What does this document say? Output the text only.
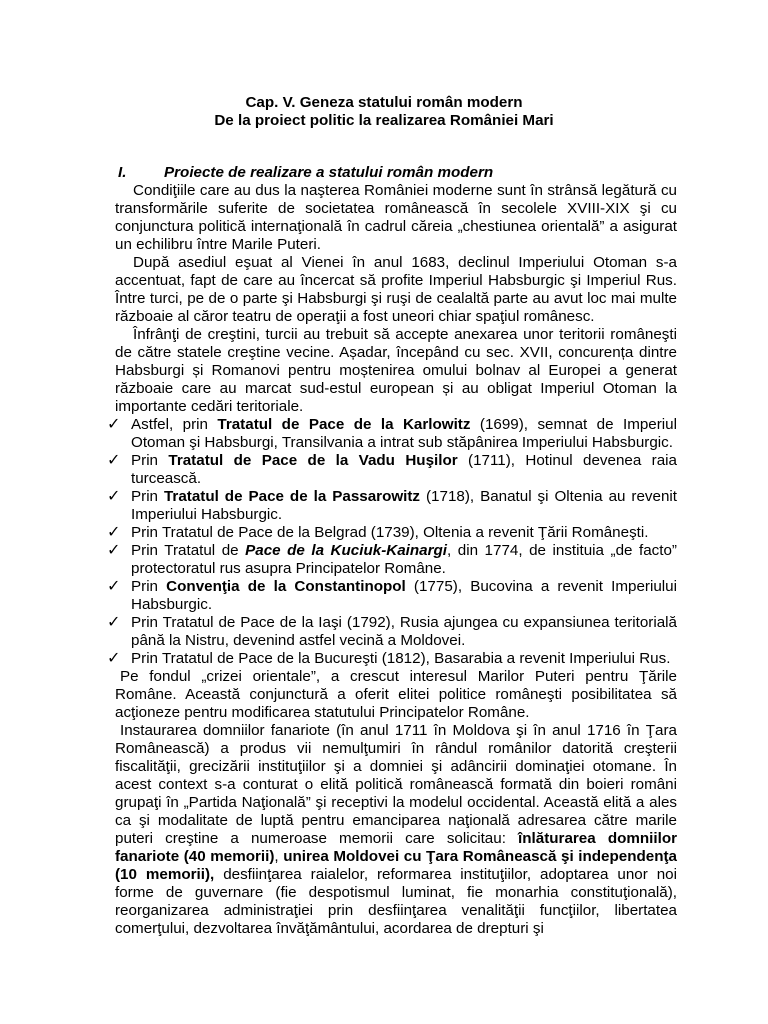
Cap. V. Geneza statului român modern
De la proiect politic la realizarea României Mari
I. Proiecte de realizare a statului român modern

Condiţiile care au dus la naşterea României moderne sunt în strânsă legătură cu transformările suferite de societatea românească în secolele XVIII-XIX şi cu conjunctura politică internaţională în cadrul căreia „chestiunea orientală” a asigurat un echilibru între Marile Puteri.

După asediul eşuat al Vienei în anul 1683, declinul Imperiului Otoman s-a accentuat, fapt de care au încercat să profite Imperiul Habsburgic şi Imperiul Rus. Între turci, pe de o parte şi Habsburgi şi ruşi de cealaltă parte au avut loc mai multe războaie al căror teatru de operaţii a fost uneori chiar spaţiul românesc.

Înfrânţi de creştini, turcii au trebuit să accepte anexarea unor teritorii româneşti de către statele creştine vecine. Așadar, începând cu sec. XVII, concurența dintre Habsburgi și Romanovi pentru moștenirea omului bolnav al Europei a generat războaie care au marcat sud-estul european și au obligat Imperiul Otoman la importante cedări teritoriale.

✓ Astfel, prin Tratatul de Pace de la Karlowitz (1699), semnat de Imperiul Otoman şi Habsburgi, Transilvania a intrat sub stăpânirea Imperiului Habsburgic.
✓ Prin Tratatul de Pace de la Vadu Huşilor (1711), Hotinul devenea raia turcească.
✓ Prin Tratatul de Pace de la Passarowitz (1718), Banatul şi Oltenia au revenit Imperiului Habsburgic.
✓ Prin Tratatul de Pace de la Belgrad (1739), Oltenia a revenit Ţării Româneşti.
✓ Prin Tratatul de Pace de la Kuciuk-Kainargi, din 1774, de instituia „de facto” protectoratul rus asupra Principatelor Române.
✓ Prin Convenţia de la Constantinopol (1775), Bucovina a revenit Imperiului Habsburgic.
✓ Prin Tratatul de Pace de la Iaşi (1792), Rusia ajungea cu expansiunea teritorială până la Nistru, devenind astfel vecină a Moldovei.
✓ Prin Tratatul de Pace de la Bucureşti (1812), Basarabia a revenit Imperiului Rus.

Pe fondul „crizei orientale”, a crescut interesul Marilor Puteri pentru Ţările Române. Această conjunctură a oferit elitei politice româneşti posibilitatea să acţioneze pentru modificarea statutului Principatelor Române.

Instaurarea domniilor fanariote (în anul 1711 în Moldova şi în anul 1716 în Ţara Românească) a produs vii nemulţumiri în rândul românilor datorită creşterii fiscalităţii, grecizării instituţiilor şi a domniei şi adâncirii dominaţiei otomane. În acest context s-a conturat o elită politică românească formată din boieri români grupaţi în „Partida Naţională” şi receptivi la modelul occidental. Această elită a ales ca şi modalitate de luptă pentru emanciparea naţională adresarea către marile puteri creştine a numeroase memorii care solicitau: înlăturarea domniilor fanariote (40 memorii), unirea Moldovei cu Ţara Românească şi independenţa (10 memorii), desfiinţarea raialelor, reformarea instituţiilor, adoptarea unor noi forme de guvernare (fie despotismul luminat, fie monarhia constituţională), reorganizarea administraţiei prin desfiinţarea venalităţii funcţiilor, libertatea comerţului, dezvoltarea învăţământului, acordarea de drepturi şi
